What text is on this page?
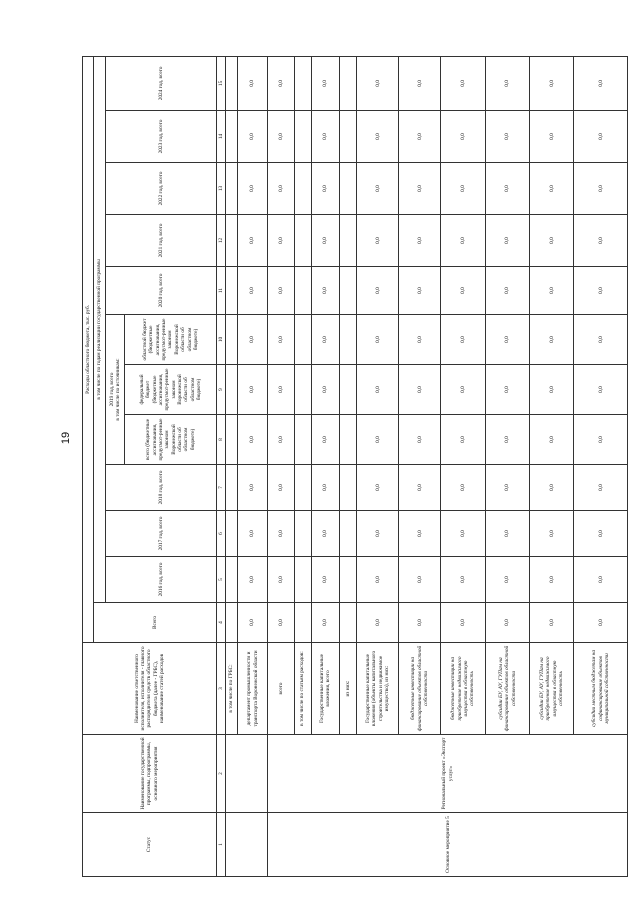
19
Статус	Наименование государственной программы, подпрограммы, основного мероприятия	Наименование ответственного исполнителя, исполнителя - главного распорядителя средств областного бюджета (далее - ГРБС), наименование статей расходов	Расходы областного бюджета, тыс. руб.											
			Всего	в том числе по годам реализации государственной программы										
				2016 год, всего	2017 год, всего	2018 год, всего	2019 год, всего в том числе по источникам:			2020 год, всего	2021 год, всего	2022 год, всего	2023 год, всего	2024 год, всего
							всего (бюджетные ассигнования, предусмот-ренные законом Воронежской области об областном бюджете)	федеральный бюджет (бюджетные ассигнования, предусмот-ренные законом Воронежской области об областном бюджете)	областной бюджет (бюджетные ассигнования, предусмот-ренные законом Воронежской области об областном бюджете)					
1	2	3	4	5	6	7	8	9	10	11	12	13	14	15
		в том числе по ГРБС:												
		департамент промышленности и транспорта Воронежской области	0,0	0,0	0,0	0,0	0,0	0,0	0,0	0,0	0,0	0,0	0,0	0,0
Основное мероприятие 5	Региональный проект «Экспорт услуг»	всего	0,0	0,0	0,0	0,0	0,0	0,0	0,0	0,0	0,0	0,0	0,0	0,0
		в том числе по статьям расходов:												
		Государственные капитальные вложения, всего	0,0	0,0	0,0	0,0	0,0	0,0	0,0	0,0	0,0	0,0	0,0	0,0
		из них:												
		Государственные капитальные вложения (объекты капитального строительства и недвижимое имущество), из них:	0,0	0,0	0,0	0,0	0,0	0,0	0,0	0,0	0,0	0,0	0,0	0,0
		бюджетные инвестиции на финансирование объектов областной собственности	0,0	0,0	0,0	0,0	0,0	0,0	0,0	0,0	0,0	0,0	0,0	0,0
		бюджетные инвестиции на приобретение недвижимого имущества в областную собственность	0,0	0,0	0,0	0,0	0,0	0,0	0,0	0,0	0,0	0,0	0,0	0,0
		субсидии БУ, АУ, ГУПам на финансирование объектов областной собственности	0,0	0,0	0,0	0,0	0,0	0,0	0,0	0,0	0,0	0,0	0,0	0,0
		субсидии БУ, АУ, ГУПам на приобретение недвижимого имущества в областную собственность	0,0	0,0	0,0	0,0	0,0	0,0	0,0	0,0	0,0	0,0	0,0	0,0
		субсидии местным бюджетам на софинансирование объектов муниципальной собственности	0,0	0,0	0,0	0,0	0,0	0,0	0,0	0,0	0,0	0,0	0,0	0,0
